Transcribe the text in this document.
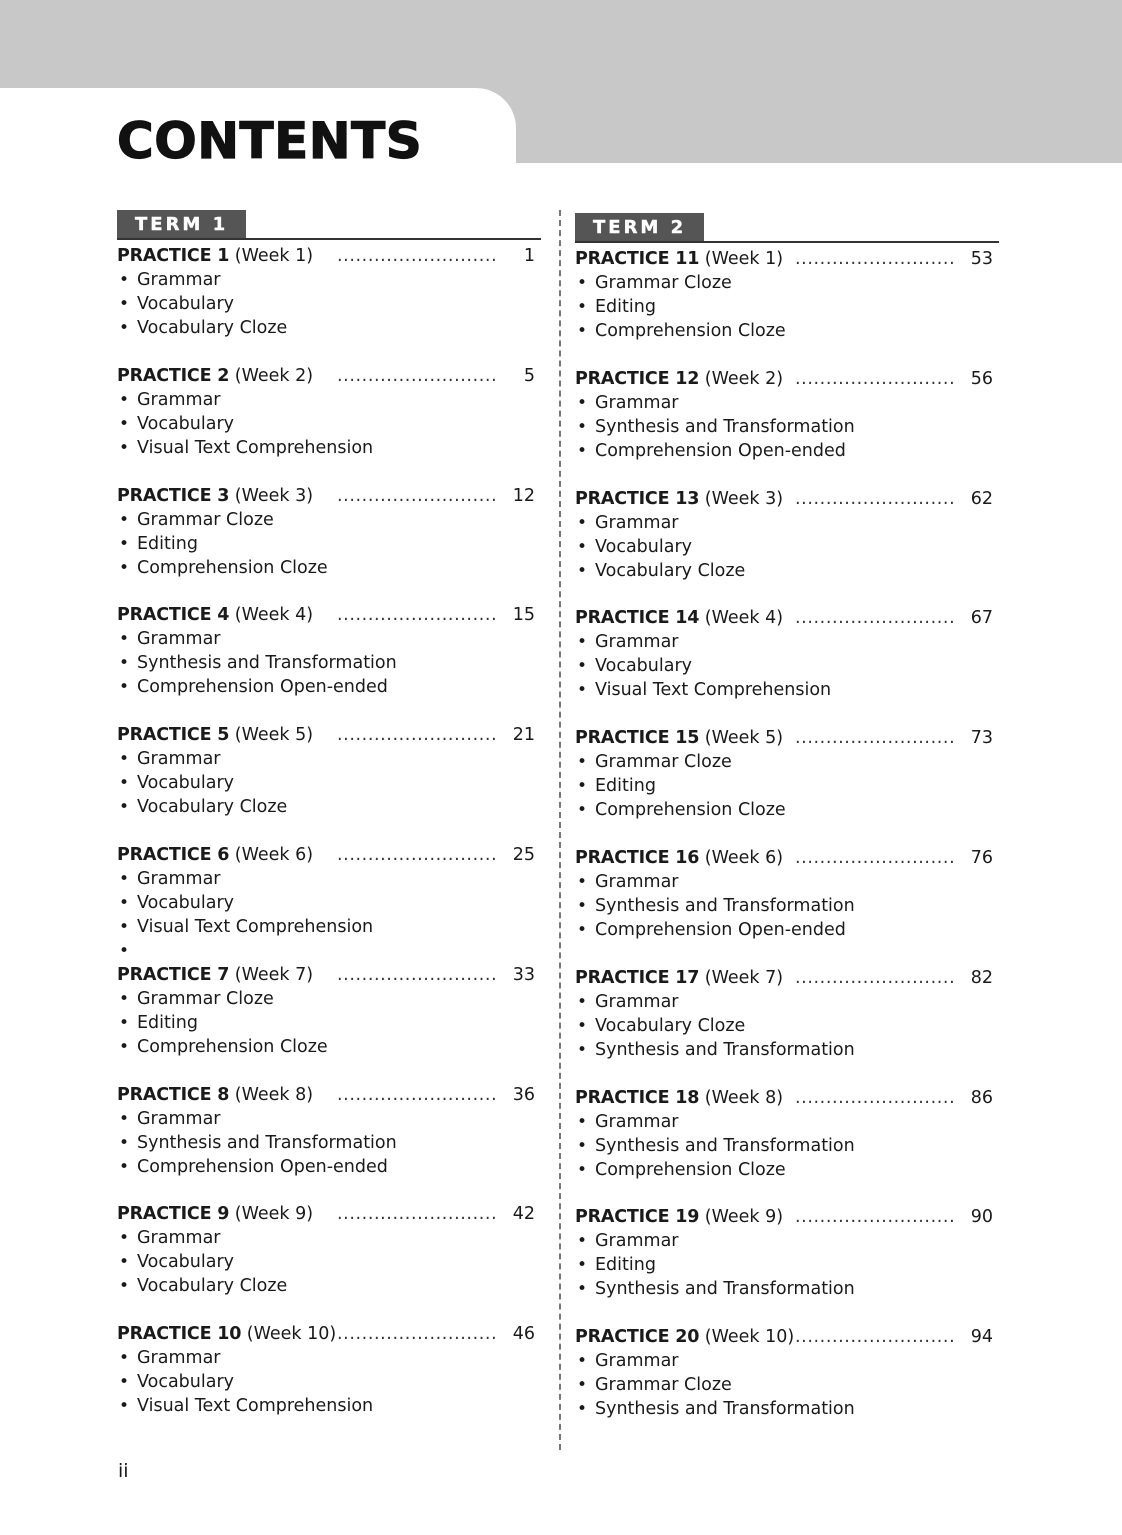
CONTENTS
TERM 1
PRACTICE 1 (Week 1) .......................... 1
• Grammar
• Vocabulary
• Vocabulary Cloze
PRACTICE 2 (Week 2) .......................... 5
• Grammar
• Vocabulary
• Visual Text Comprehension
PRACTICE 3 (Week 3) .......................... 12
• Grammar Cloze
• Editing
• Comprehension Cloze
PRACTICE 4 (Week 4) .......................... 15
• Grammar
• Synthesis and Transformation
• Comprehension Open-ended
PRACTICE 5 (Week 5) .......................... 21
• Grammar
• Vocabulary
• Vocabulary Cloze
PRACTICE 6 (Week 6) .......................... 25
• Grammar
• Vocabulary
• Visual Text Comprehension
•
PRACTICE 7 (Week 7) .......................... 33
• Grammar Cloze
• Editing
• Comprehension Cloze
PRACTICE 8 (Week 8) .......................... 36
• Grammar
• Synthesis and Transformation
• Comprehension Open-ended
PRACTICE 9 (Week 9) .......................... 42
• Grammar
• Vocabulary
• Vocabulary Cloze
PRACTICE 10 (Week 10) .......................... 46
• Grammar
• Vocabulary
• Visual Text Comprehension
TERM 2
PRACTICE 11 (Week 1) .......................... 53
• Grammar Cloze
• Editing
• Comprehension Cloze
PRACTICE 12 (Week 2) .......................... 56
• Grammar
• Synthesis and Transformation
• Comprehension Open-ended
PRACTICE 13 (Week 3) .......................... 62
• Grammar
• Vocabulary
• Vocabulary Cloze
PRACTICE 14 (Week 4) .......................... 67
• Grammar
• Vocabulary
• Visual Text Comprehension
PRACTICE 15 (Week 5) .......................... 73
• Grammar Cloze
• Editing
• Comprehension Cloze
PRACTICE 16 (Week 6) .......................... 76
• Grammar
• Synthesis and Transformation
• Comprehension Open-ended
PRACTICE 17 (Week 7) .......................... 82
• Grammar
• Vocabulary Cloze
• Synthesis and Transformation
PRACTICE 18 (Week 8) .......................... 86
• Grammar
• Synthesis and Transformation
• Comprehension Cloze
PRACTICE 19 (Week 9) .......................... 90
• Grammar
• Editing
• Synthesis and Transformation
PRACTICE 20 (Week 10) .......................... 94
• Grammar
• Grammar Cloze
• Synthesis and Transformation
ii
